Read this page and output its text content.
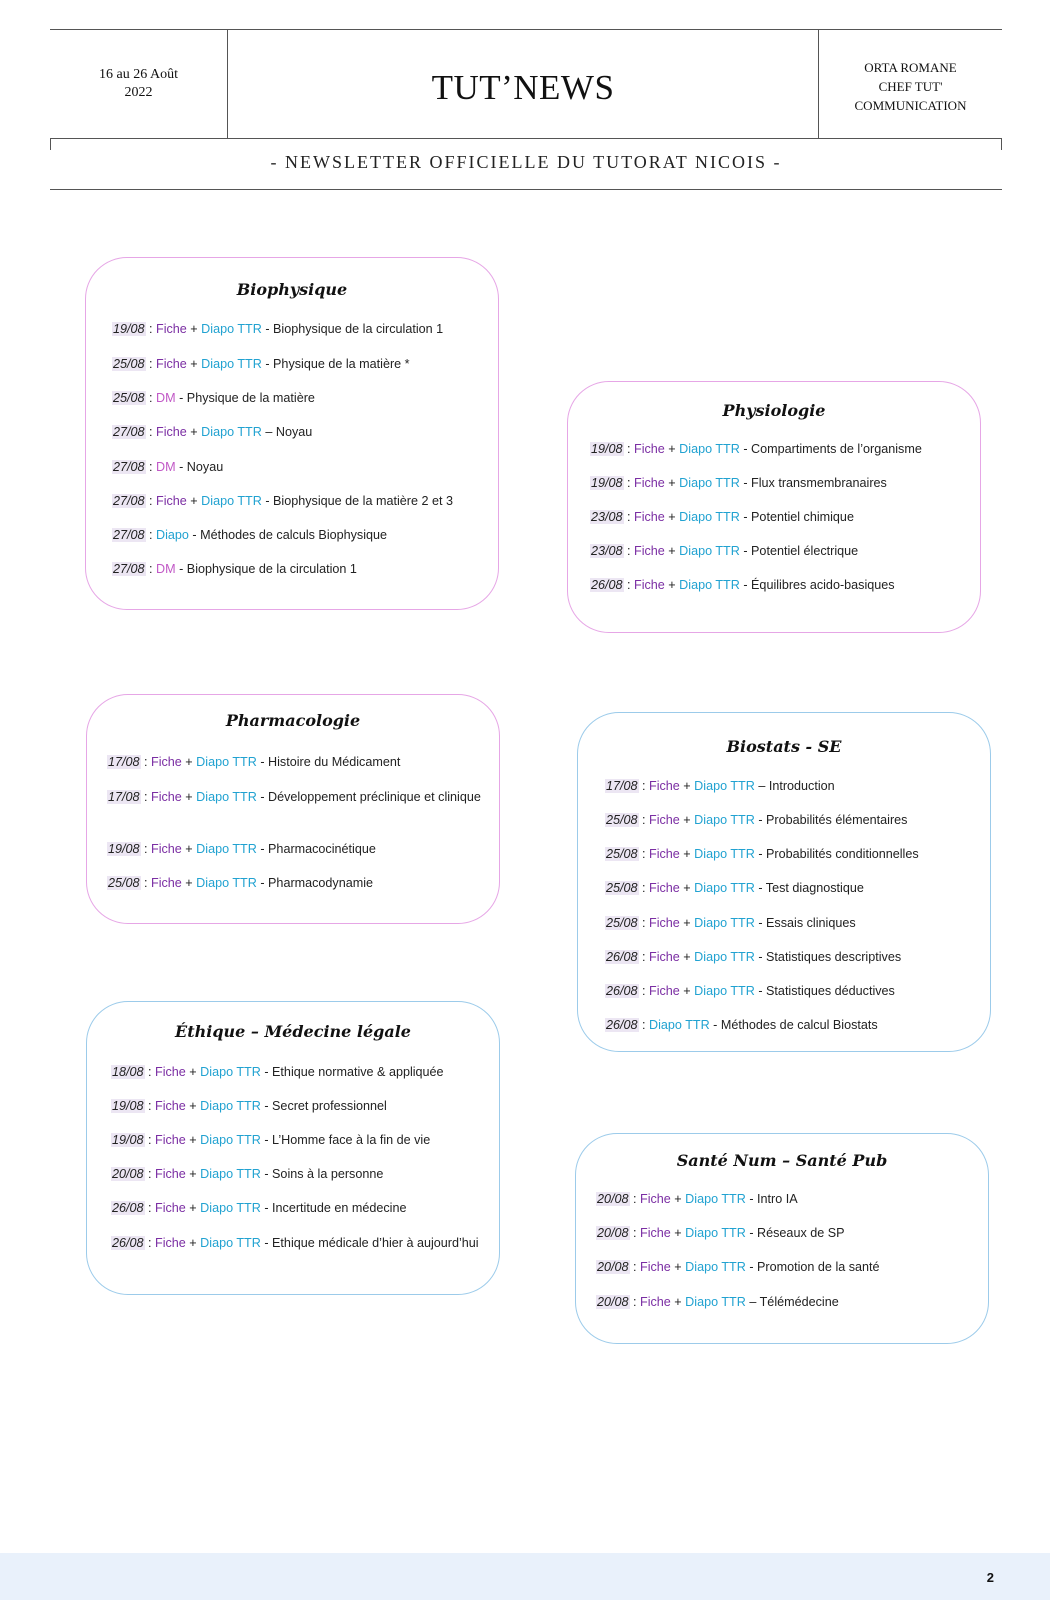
16 au 26 Août
2022	TUT’NEWS
ORTA ROMANE
CHEF TUT'
COMMUNICATION
- NEWSLETTER OFFICIELLE DU TUTORAT NICOIS -
Biophysique
19/08 : Fiche + Diapo TTR - Biophysique de la circulation 1
25/08 : Fiche + Diapo TTR - Physique de la matière *
25/08 : DM - Physique de la matière
27/08 : Fiche + Diapo TTR – Noyau
27/08 : DM - Noyau
27/08 : Fiche + Diapo TTR - Biophysique de la matière 2 et 3
27/08 : Diapo - Méthodes de calculs Biophysique
27/08 : DM - Biophysique de la circulation 1
Physiologie
19/08 : Fiche + Diapo TTR - Compartiments de l’organisme
19/08 : Fiche + Diapo TTR - Flux transmembranaires
23/08 : Fiche + Diapo TTR - Potentiel chimique
23/08 : Fiche + Diapo TTR - Potentiel électrique
26/08 : Fiche + Diapo TTR - Équilibres acido-basiques
Pharmacologie
17/08 : Fiche + Diapo TTR - Histoire du Médicament
17/08 : Fiche + Diapo TTR - Développement préclinique et clinique
19/08 : Fiche + Diapo TTR - Pharmacocinétique
25/08 : Fiche + Diapo TTR - Pharmacodynamie
Biostats - SE
17/08 : Fiche + Diapo TTR – Introduction
25/08 : Fiche + Diapo TTR - Probabilités élémentaires
25/08 : Fiche + Diapo TTR - Probabilités conditionnelles
25/08 : Fiche + Diapo TTR - Test diagnostique
25/08 : Fiche + Diapo TTR - Essais cliniques
26/08 : Fiche + Diapo TTR - Statistiques descriptives
26/08 : Fiche + Diapo TTR - Statistiques déductives
26/08 : Diapo TTR - Méthodes de calcul Biostats
Éthique – Médecine légale
18/08 : Fiche + Diapo TTR - Ethique normative & appliquée
19/08 : Fiche + Diapo TTR - Secret professionnel
19/08 : Fiche + Diapo TTR - L’Homme face à la fin de vie
20/08 : Fiche + Diapo TTR - Soins à la personne
26/08 : Fiche + Diapo TTR - Incertitude en médecine
26/08 : Fiche + Diapo TTR - Ethique médicale d’hier à aujourd’hui
Santé Num – Santé Pub
20/08 : Fiche + Diapo TTR - Intro IA
20/08 : Fiche + Diapo TTR - Réseaux de SP
20/08 : Fiche + Diapo TTR - Promotion de la santé
20/08 : Fiche + Diapo TTR – Télémédecine
2
